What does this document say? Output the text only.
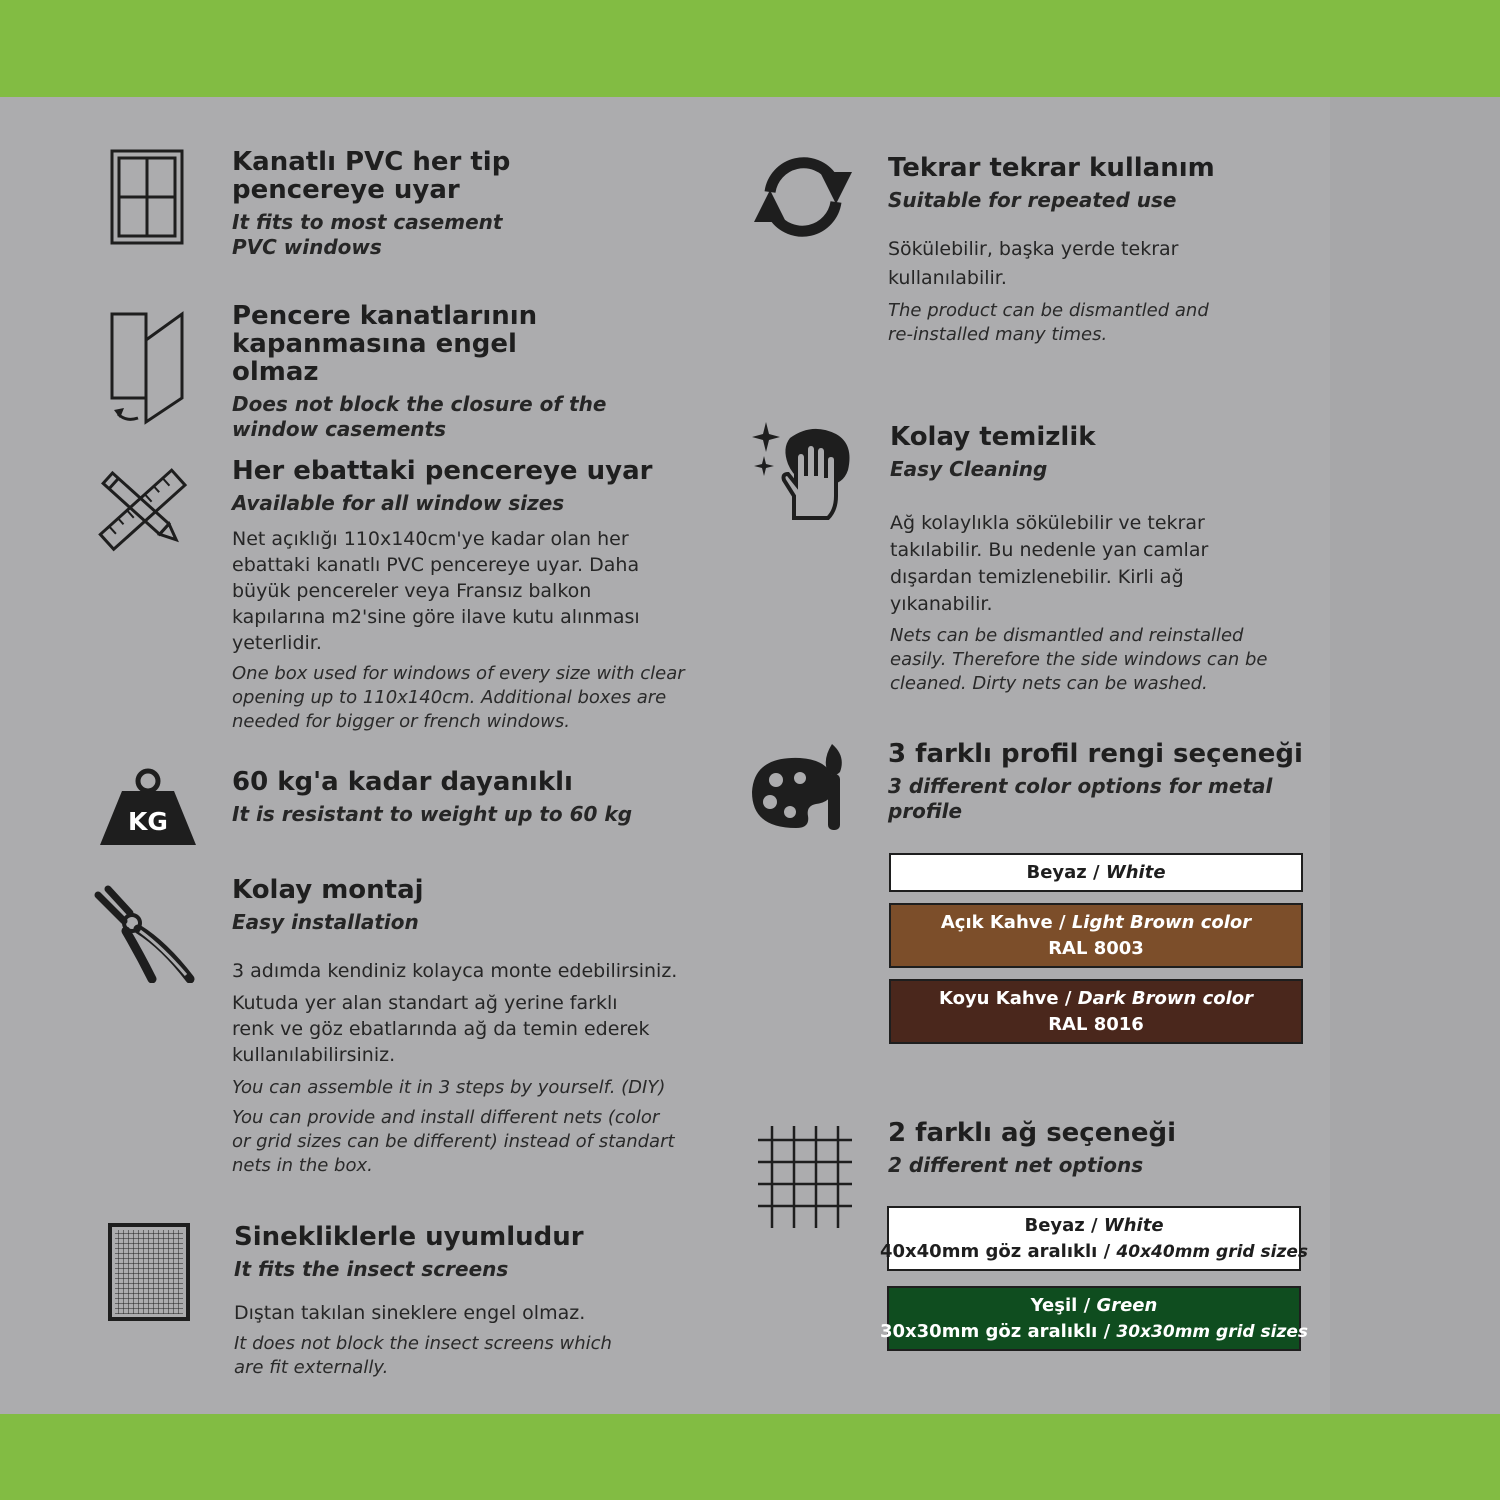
Kanatlı PVC her tip pencereye uyar

It fits to most casement PVC windows

Pencere kanatlarının kapanmasına engel olmaz

Does not block the closure of the window casements

Her ebattaki pencereye uyar

Available for all window sizes

Net açıklığı 110x140cm'ye kadar olan her ebattaki kanatlı PVC pencereye uyar. Daha büyük pencereler veya Fransız balkon kapılarına m2'sine göre ilave kutu alınması yeterlidir.

One box used for windows of every size with clear opening up to 110x140cm. Additional boxes are needed for bigger or french windows.

KG

60 kg'a kadar dayanıklı

It is resistant to weight up to 60 kg

Kolay montaj

Easy installation

3 adımda kendiniz kolayca monte edebilirsiniz.

Kutuda yer alan standart ağ yerine farklı renk ve göz ebatlarında ağ da temin ederek kullanılabilirsiniz.

You can assemble it in 3 steps by yourself. (DIY)

You can provide and install different nets (color or grid sizes can be different) instead of standart nets in the box.

Sinekliklerle uyumludur

It fits the insect screens

Dıştan takılan sineklere engel olmaz.

It does not block the insect screens which are fit externally.

Tekrar tekrar kullanım

Suitable for repeated use

Sökülebilir, başka yerde tekrar kullanılabilir.

The product can be dismantled and re-installed many times.

Kolay temizlik

Easy Cleaning

Ağ kolaylıkla sökülebilir ve tekrar takılabilir. Bu nedenle yan camlar dışardan temizlenebilir. Kirli ağ yıkanabilir.

Nets can be dismantled and reinstalled easily. Therefore the side windows can be cleaned. Dirty nets can be washed.

3 farklı profil rengi seçeneği

3 different color options for metal profile

Beyaz / White
Açık Kahve / Light Brown color
RAL 8003
Koyu Kahve / Dark Brown color
RAL 8016

2 farklı ağ seçeneği

2 different net options

Beyaz / White
40x40mm göz aralıklı / 40x40mm grid sizes
Yeşil / Green
30x30mm göz aralıklı / 30x30mm grid sizes
